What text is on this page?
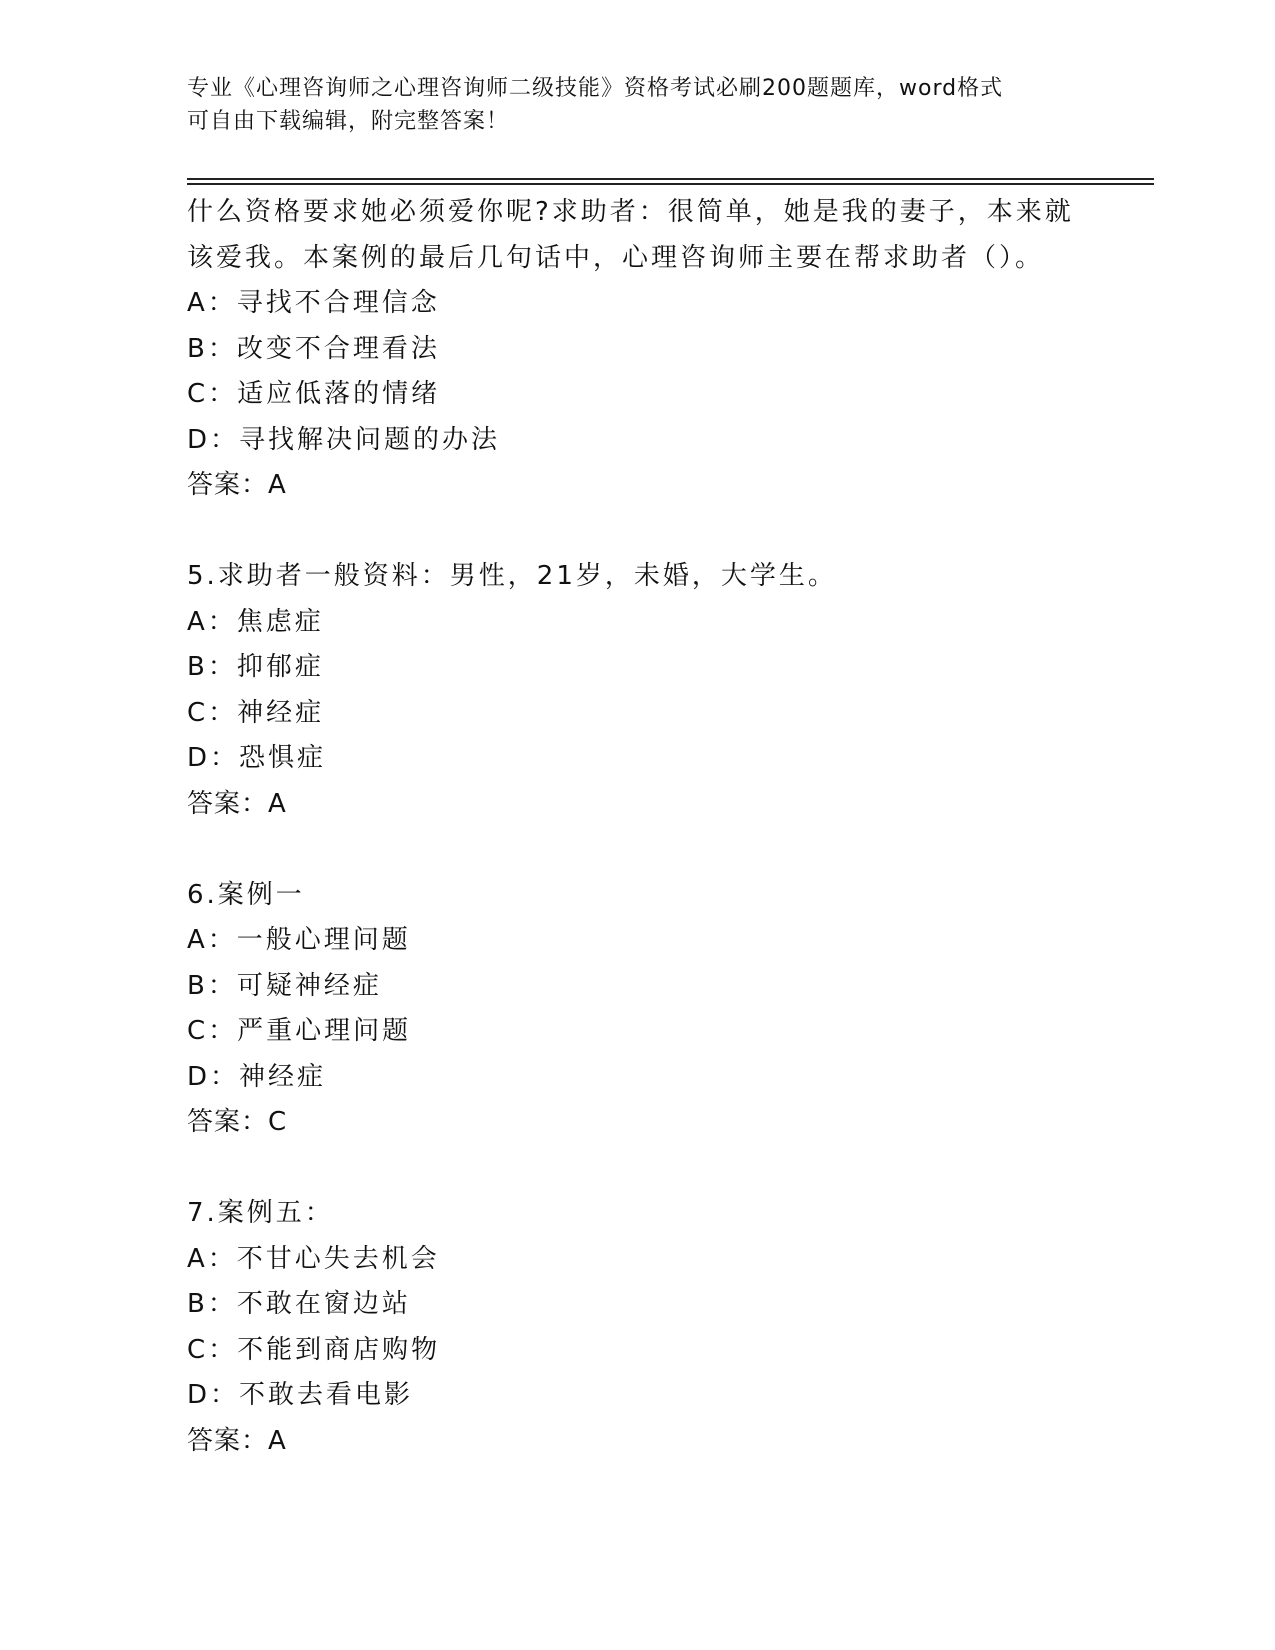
专业《心理咨询师之心理咨询师二级技能》资格考试必刷200题题库，word格式
可自由下载编辑，附完整答案！
什么资格要求她必须爱你呢?求助者：很简单，她是我的妻子，本来就
该爱我。本案例的最后几句话中，心理咨询师主要在帮求助者（）。
A：寻找不合理信念
B：改变不合理看法
C：适应低落的情绪
D：寻找解决问题的办法
答案：A
5.求助者一般资料：男性，21岁，未婚，大学生。
A：焦虑症
B：抑郁症
C：神经症
D：恐惧症
答案：A
6.案例一
A：一般心理问题
B：可疑神经症
C：严重心理问题
D：神经症
答案：C
7.案例五：
A：不甘心失去机会
B：不敢在窗边站
C：不能到商店购物
D：不敢去看电影
答案：A
